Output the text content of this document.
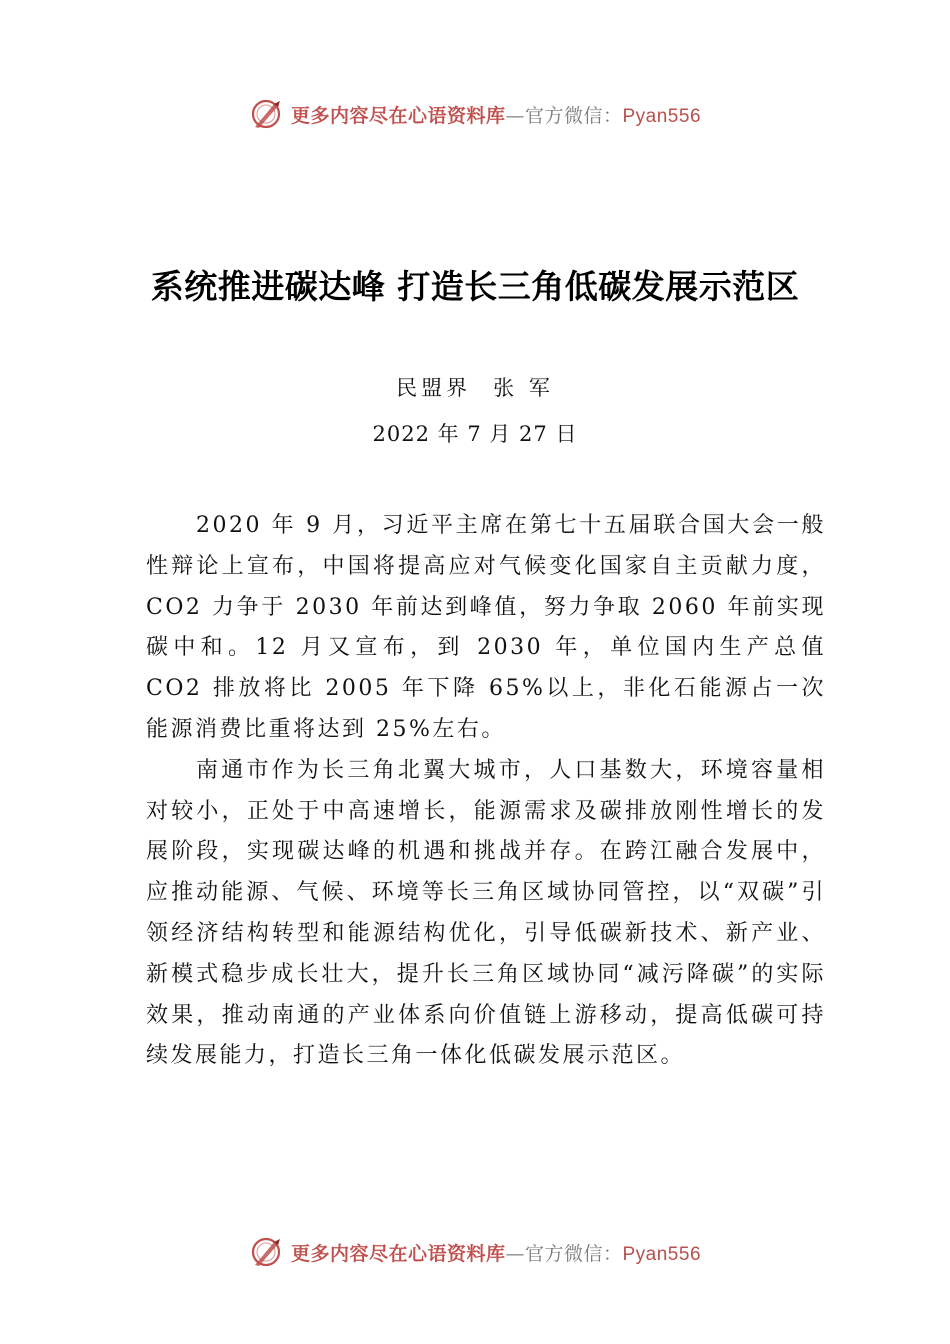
更多内容尽在心语资料库—官方微信：Pyan556
系统推进碳达峰 打造长三角低碳发展示范区

民盟界 张 军

2022 年 7 月 27 日

2020 年 9 月，习近平主席在第七十五届联合国大会一般性辩论上宣布，中国将提高应对气候变化国家自主贡献力度，CO2 力争于 2030 年前达到峰值，努力争取 2060 年前实现碳中和。12 月又宣布，到 2030 年，单位国内生产总值 CO2 排放将比 2005 年下降 65%以上，非化石能源占一次能源消费比重将达到 25%左右。

南通市作为长三角北翼大城市，人口基数大，环境容量相对较小，正处于中高速增长，能源需求及碳排放刚性增长的发展阶段，实现碳达峰的机遇和挑战并存。在跨江融合发展中，应推动能源、气候、环境等长三角区域协同管控，以“双碳”引领经济结构转型和能源结构优化，引导低碳新技术、新产业、新模式稳步成长壮大，提升长三角区域协同“减污降碳”的实际效果，推动南通的产业体系向价值链上游移动，提高低碳可持续发展能力，打造长三角一体化低碳发展示范区。

更多内容尽在心语资料库—官方微信：Pyan556
